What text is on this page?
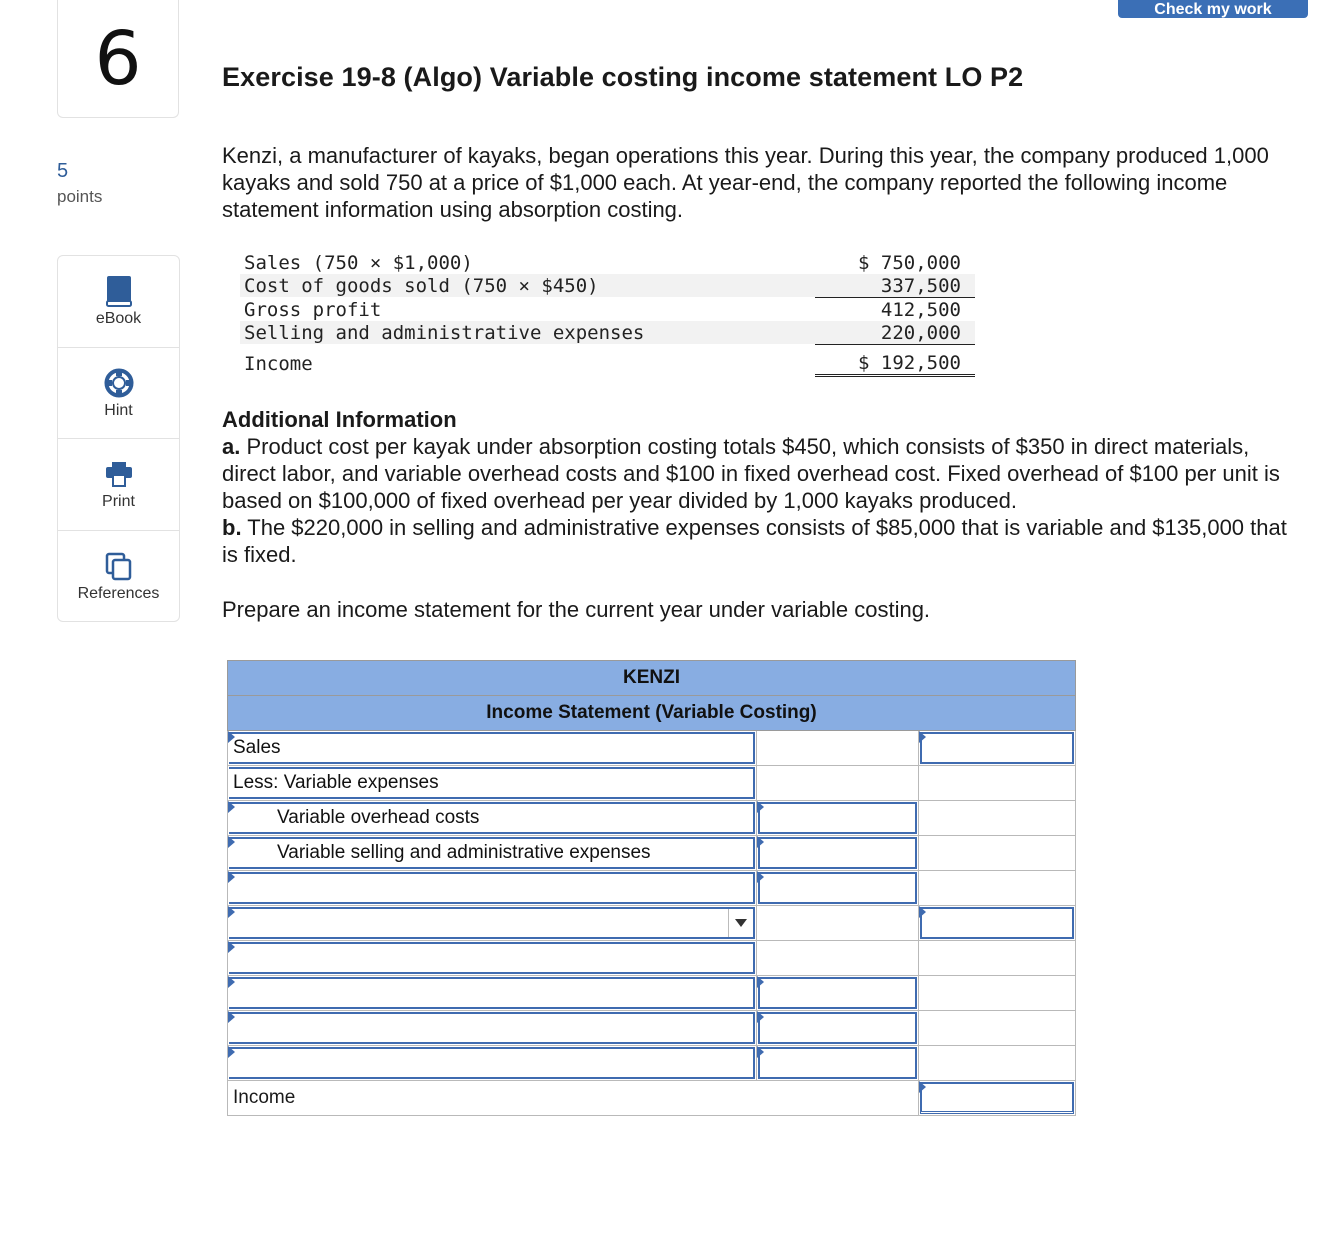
Check my work
6
5
points
eBook
Hint
Print
References
Exercise 19-8 (Algo) Variable costing income statement LO P2

Kenzi, a manufacturer of kayaks, began operations this year. During this year, the company produced 1,000 kayaks and sold 750 at a price of $1,000 each. At year-end, the company reported the following income statement information using absorption costing.

Sales (750 × $1,000)	$ 750,000
Cost of goods sold (750 × $450)	337,500
Gross profit	412,500
Selling and administrative expenses	220,000
Income	$ 192,500
Additional Information
a. Product cost per kayak under absorption costing totals $450, which consists of $350 in direct materials, direct labor, and variable overhead costs and $100 in fixed overhead cost. Fixed overhead of $100 per unit is based on $100,000 of fixed overhead per year divided by 1,000 kayaks produced.
b. The $220,000 in selling and administrative expenses consists of $85,000 that is variable and $135,000 that is fixed.

Prepare an income statement for the current year under variable costing.

KENZI		
Income Statement (Variable Costing)		

Sales		

Less: Variable expenses		

Variable overhead costs		

Variable selling and administrative expenses		

Income		
